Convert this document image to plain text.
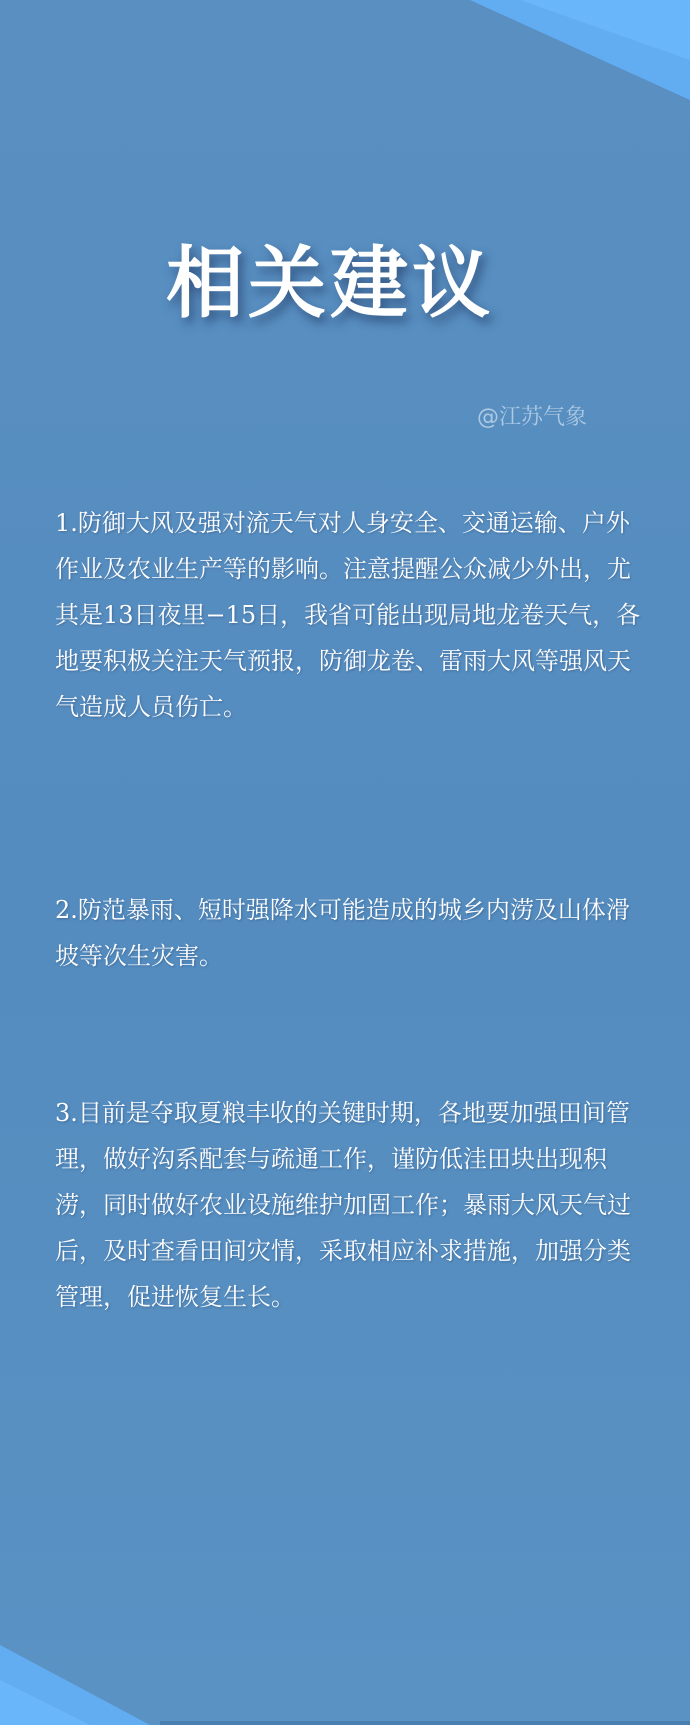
相关建议
@江苏气象

1.防御大风及强对流天气对人身安全、交通运输、户外作业及农业生产等的影响。注意提醒公众减少外出，尤其是13日夜里−15日，我省可能出现局地龙卷天气，各地要积极关注天气预报，防御龙卷、雷雨大风等强风天气造成人员伤亡。

2.防范暴雨、短时强降水可能造成的城乡内涝及山体滑坡等次生灾害。

3.目前是夺取夏粮丰收的关键时期，各地要加强田间管理，做好沟系配套与疏通工作，谨防低洼田块出现积涝，同时做好农业设施维护加固工作；暴雨大风天气过后，及时查看田间灾情，采取相应补求措施，加强分类管理，促进恢复生长。
